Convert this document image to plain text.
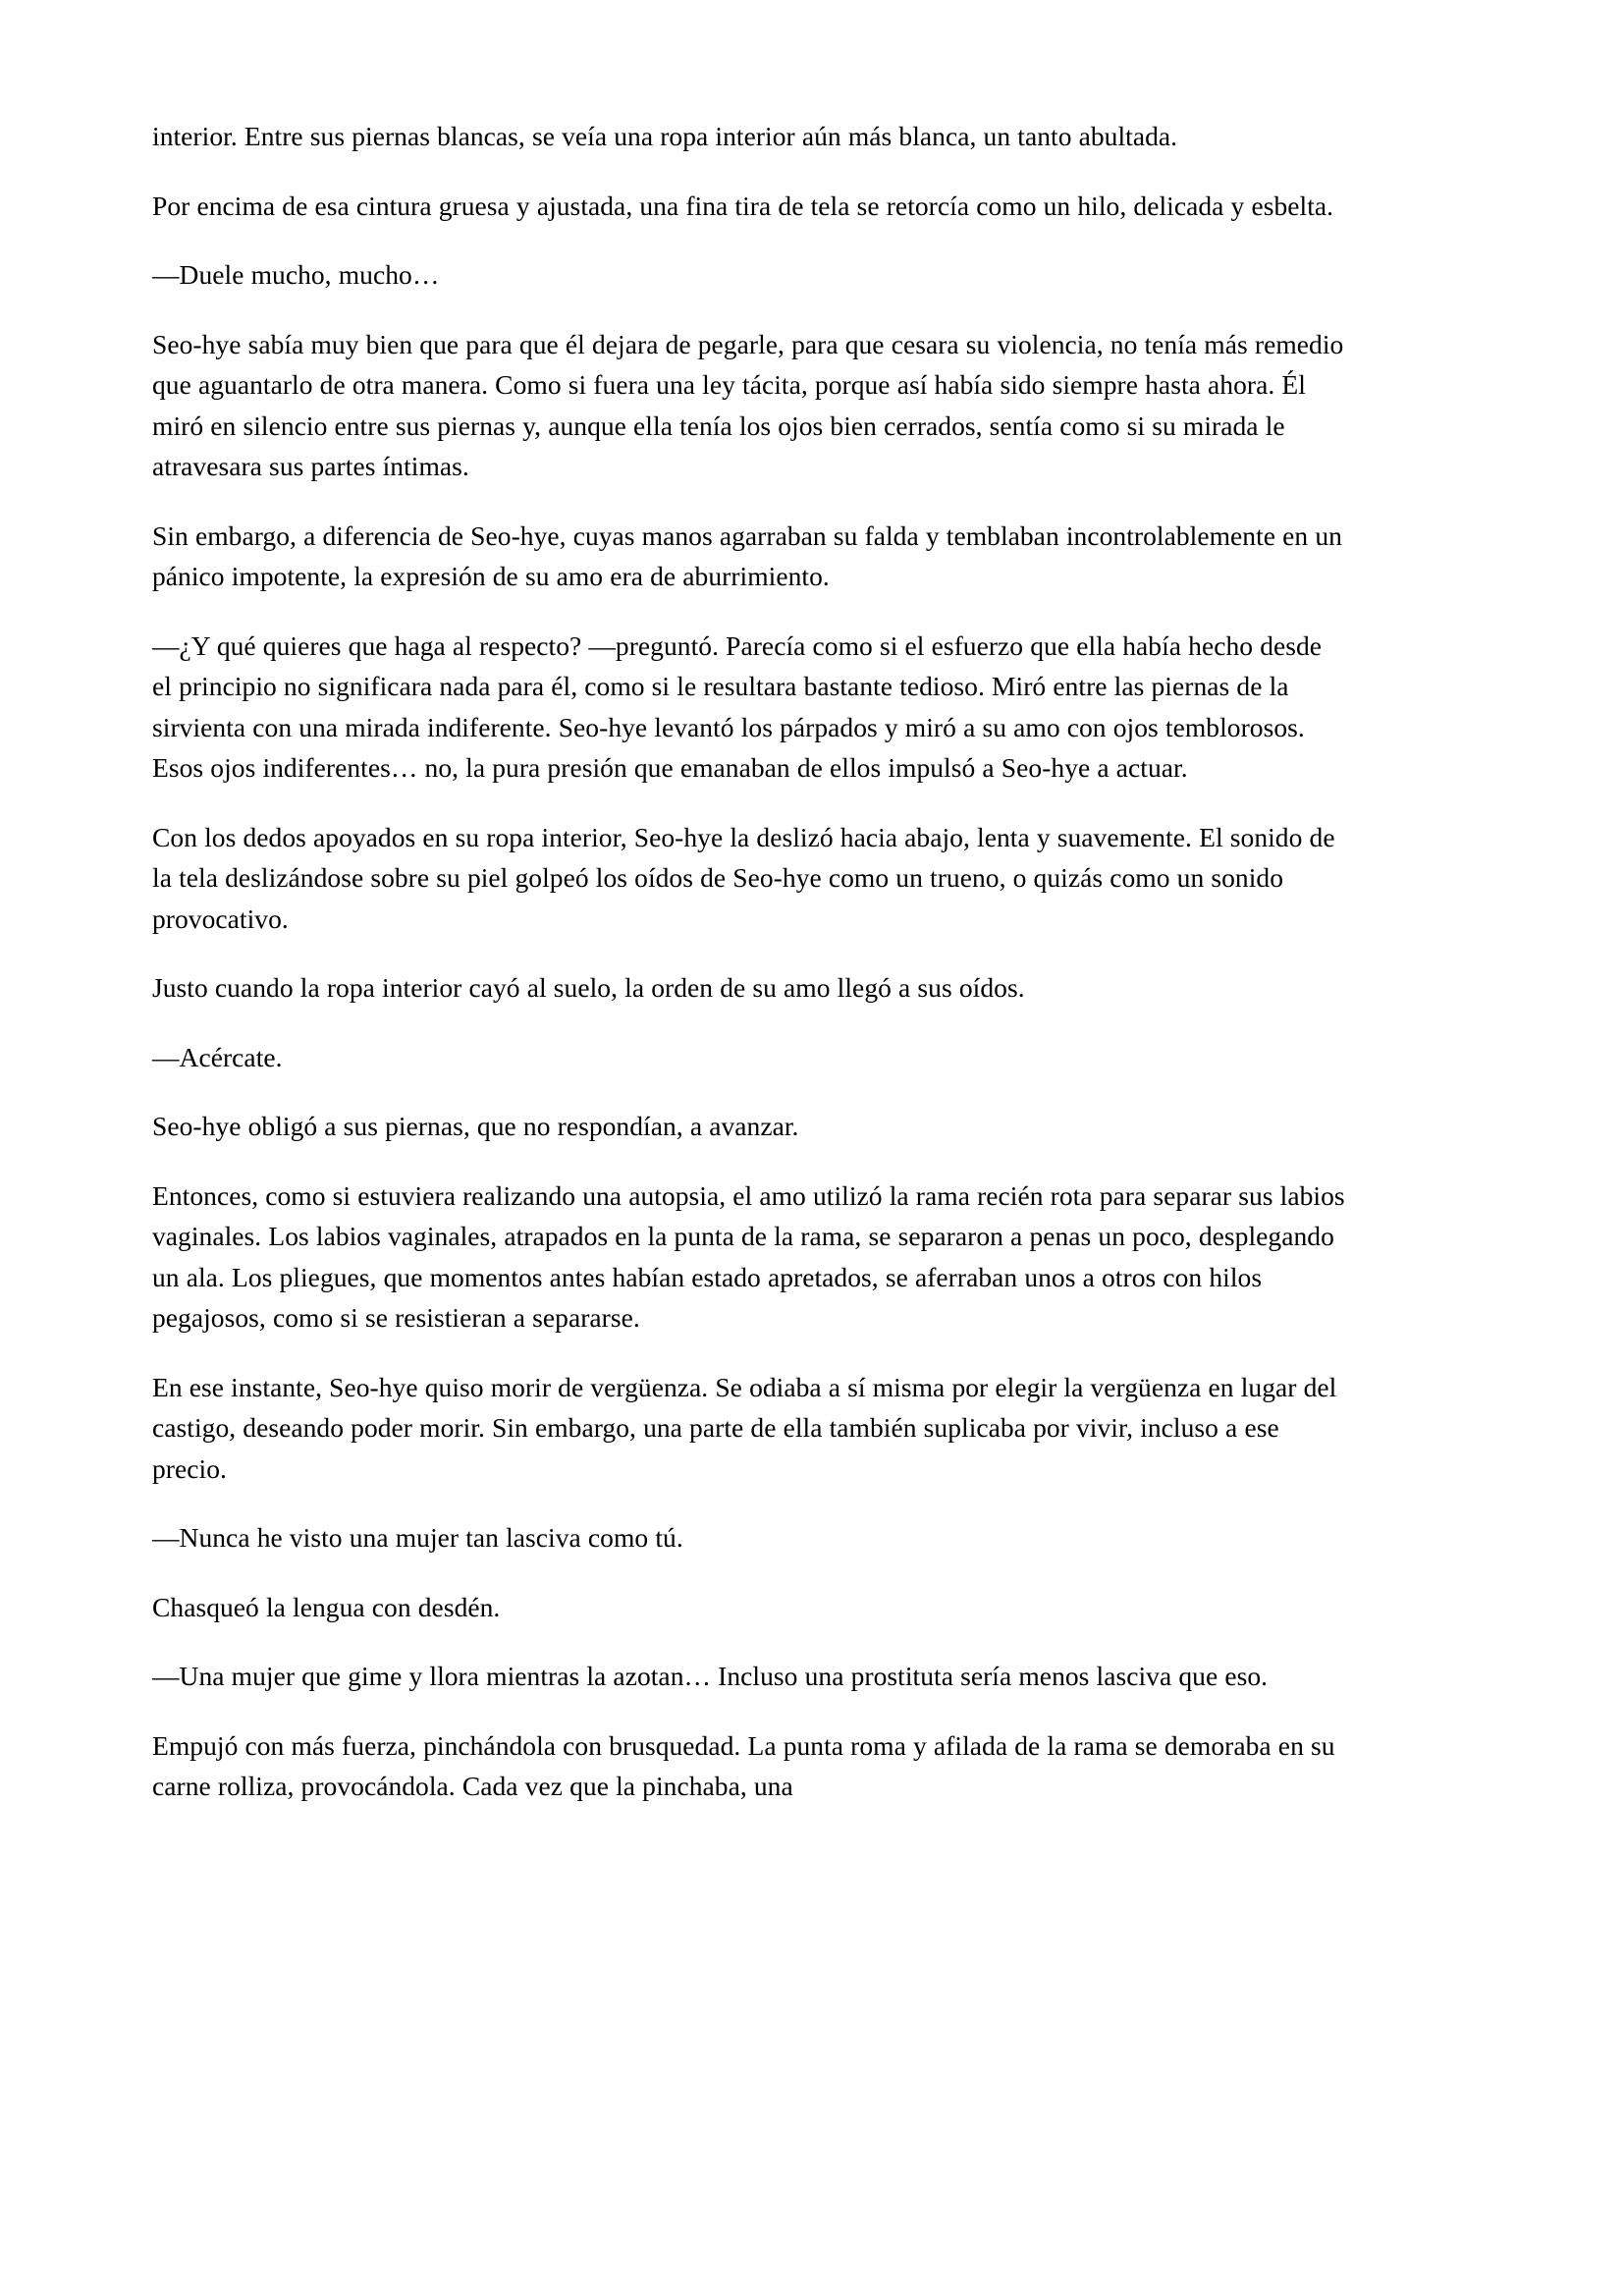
interior. Entre sus piernas blancas, se veía una ropa interior aún más blanca, un tanto abultada.

Por encima de esa cintura gruesa y ajustada, una fina tira de tela se retorcía como un hilo, delicada y esbelta.

—Duele mucho, mucho…

Seo-hye sabía muy bien que para que él dejara de pegarle, para que cesara su violencia, no tenía más remedio que aguantarlo de otra manera. Como si fuera una ley tácita, porque así había sido siempre hasta ahora. Él miró en silencio entre sus piernas y, aunque ella tenía los ojos bien cerrados, sentía como si su mirada le atravesara sus partes íntimas.

Sin embargo, a diferencia de Seo-hye, cuyas manos agarraban su falda y temblaban incontrolablemente en un pánico impotente, la expresión de su amo era de aburrimiento.

—¿Y qué quieres que haga al respecto? —preguntó. Parecía como si el esfuerzo que ella había hecho desde el principio no significara nada para él, como si le resultara bastante tedioso. Miró entre las piernas de la sirvienta con una mirada indiferente. Seo-hye levantó los párpados y miró a su amo con ojos temblorosos. Esos ojos indiferentes… no, la pura presión que emanaban de ellos impulsó a Seo-hye a actuar.

Con los dedos apoyados en su ropa interior, Seo-hye la deslizó hacia abajo, lenta y suavemente. El sonido de la tela deslizándose sobre su piel golpeó los oídos de Seo-hye como un trueno, o quizás como un sonido provocativo.

Justo cuando la ropa interior cayó al suelo, la orden de su amo llegó a sus oídos.

—Acércate.

Seo-hye obligó a sus piernas, que no respondían, a avanzar.

Entonces, como si estuviera realizando una autopsia, el amo utilizó la rama recién rota para separar sus labios vaginales. Los labios vaginales, atrapados en la punta de la rama, se separaron a penas un poco, desplegando un ala. Los pliegues, que momentos antes habían estado apretados, se aferraban unos a otros con hilos pegajosos, como si se resistieran a separarse.

En ese instante, Seo-hye quiso morir de vergüenza. Se odiaba a sí misma por elegir la vergüenza en lugar del castigo, deseando poder morir. Sin embargo, una parte de ella también suplicaba por vivir, incluso a ese precio.

—Nunca he visto una mujer tan lasciva como tú.

Chasqueó la lengua con desdén.

—Una mujer que gime y llora mientras la azotan… Incluso una prostituta sería menos lasciva que eso.

Empujó con más fuerza, pinchándola con brusquedad. La punta roma y afilada de la rama se demoraba en su carne rolliza, provocándola. Cada vez que la pinchaba, una
